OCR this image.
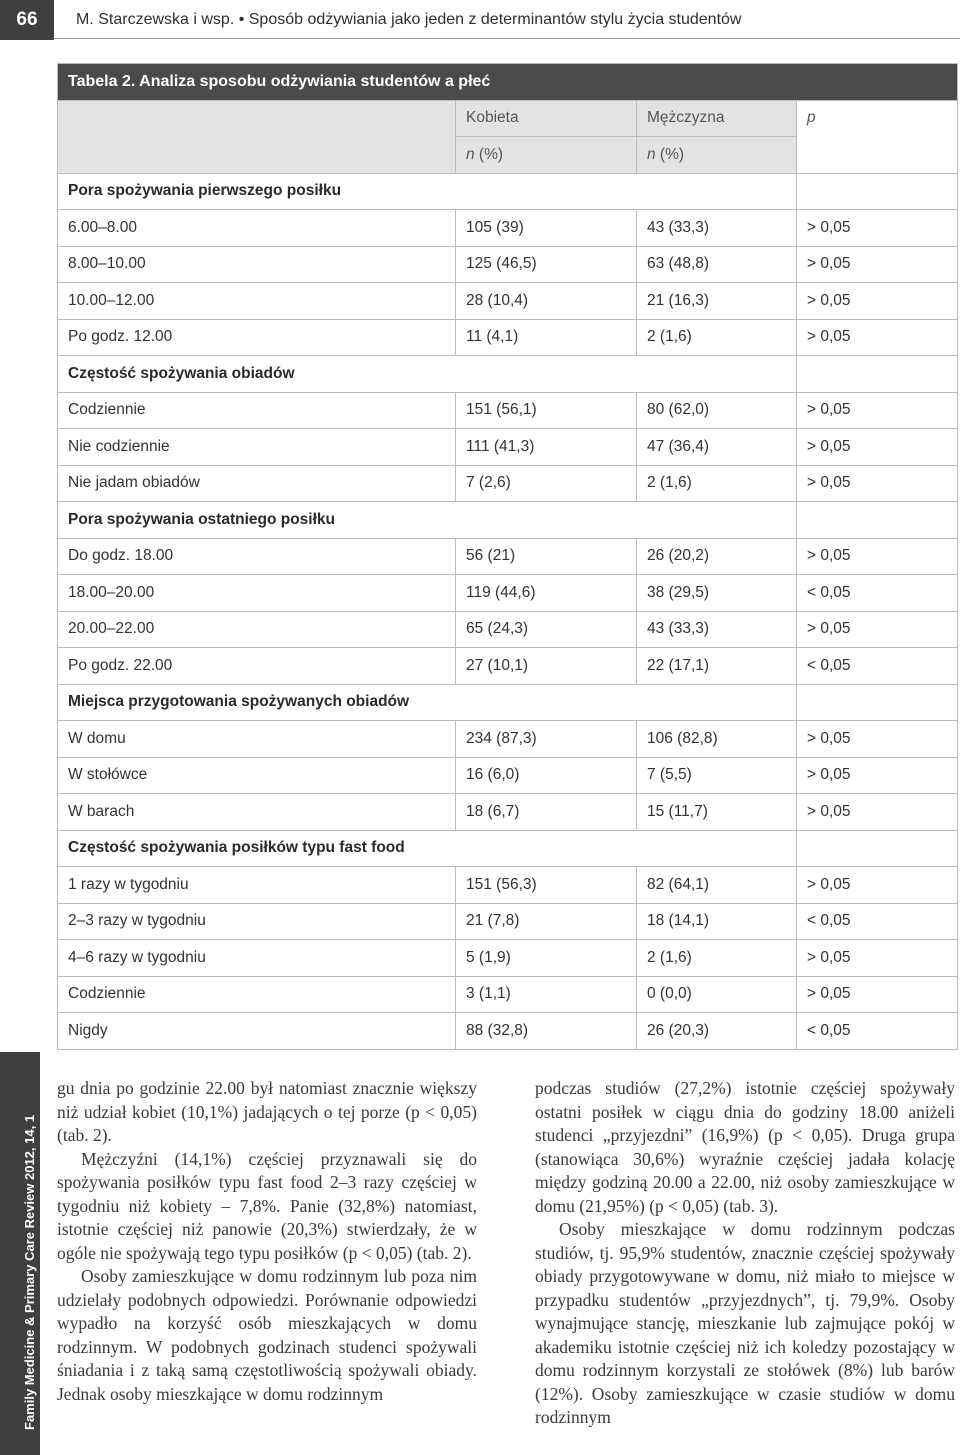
66	M. Starczewska i wsp. • Sposób odżywiania jako jeden z determinantów stylu życia studentów
Tabela 2. Analiza sposobu odżywiania studentów a płeć			
	Kobieta	Mężczyzna	p
	n (%)	n (%)	
Pora spożywania pierwszego posiłku			
6.00–8.00	105 (39)	43 (33,3)	> 0,05
8.00–10.00	125 (46,5)	63 (48,8)	> 0,05
10.00–12.00	28 (10,4)	21 (16,3)	> 0,05
Po godz. 12.00	11 (4,1)	2 (1,6)	> 0,05
Częstość spożywania obiadów			
Codziennie	151 (56,1)	80 (62,0)	> 0,05
Nie codziennie	111 (41,3)	47 (36,4)	> 0,05
Nie jadam obiadów	7 (2,6)	2 (1,6)	> 0,05
Pora spożywania ostatniego posiłku			
Do godz. 18.00	56 (21)	26 (20,2)	> 0,05
18.00–20.00	119 (44,6)	38 (29,5)	< 0,05
20.00–22.00	65 (24,3)	43 (33,3)	> 0,05
Po godz. 22.00	27 (10,1)	22 (17,1)	< 0,05
Miejsca przygotowania spożywanych obiadów			
W domu	234 (87,3)	106 (82,8)	> 0,05
W stołówce	16 (6,0)	7 (5,5)	> 0,05
W barach	18 (6,7)	15 (11,7)	> 0,05
Częstość spożywania posiłków typu fast food			
1 razy w tygodniu	151 (56,3)	82 (64,1)	> 0,05
2–3 razy w tygodniu	21 (7,8)	18 (14,1)	< 0,05
4–6 razy w tygodniu	5 (1,9)	2 (1,6)	> 0,05
Codziennie	3 (1,1)	0 (0,0)	> 0,05
Nigdy	88 (32,8)	26 (20,3)	< 0,05
Family Medicine & Primary Care Review 2012, 14, 1

gu dnia po godzinie 22.00 był natomiast znacznie większy niż udział kobiet (10,1%) jadających o tej porze (p < 0,05) (tab. 2).

Mężczyźni (14,1%) częściej przyznawali się do spożywania posiłków typu fast food 2–3 razy częściej w tygodniu niż kobiety – 7,8%. Panie (32,8%) natomiast, istotnie częściej niż panowie (20,3%) stwierdzały, że w ogóle nie spożywają tego typu posiłków (p < 0,05) (tab. 2).

Osoby zamieszkujące w domu rodzinnym lub poza nim udzielały podobnych odpowiedzi. Porównanie odpowiedzi wypadło na korzyść osób mieszkających w domu rodzinnym. W podobnych godzinach studenci spożywali śniadania i z taką samą częstotliwością spożywali obiady. Jednak osoby mieszkające w domu rodzinnym

podczas studiów (27,2%) istotnie częściej spożywały ostatni posiłek w ciągu dnia do godziny 18.00 aniżeli studenci „przyjezdni” (16,9%) (p < 0,05). Druga grupa (stanowiąca 30,6%) wyraźnie częściej jadała kolację między godziną 20.00 a 22.00, niż osoby zamieszkujące w domu (21,95%) (p < 0,05) (tab. 3).

Osoby mieszkające w domu rodzinnym podczas studiów, tj. 95,9% studentów, znacznie częściej spożywały obiady przygotowywane w domu, niż miało to miejsce w przypadku studentów „przyjezdnych”, tj. 79,9%. Osoby wynajmujące stancję, mieszkanie lub zajmujące pokój w akademiku istotnie częściej niż ich koledzy pozostający w domu rodzinnym korzystali ze stołówek (8%) lub barów (12%). Osoby zamieszkujące w czasie studiów w domu rodzinnym
